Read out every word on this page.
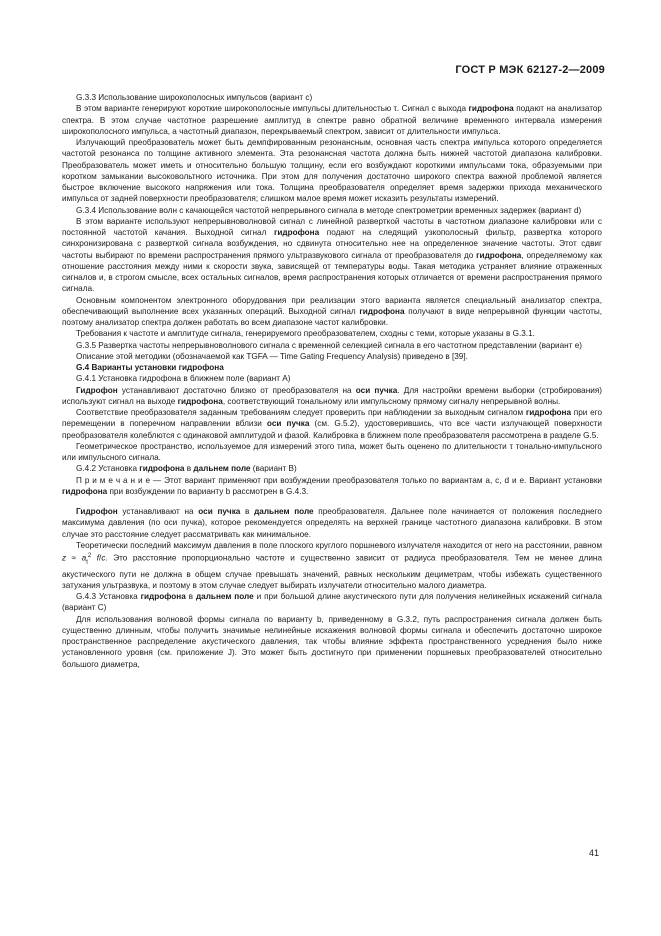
ГОСТ Р МЭК 62127-2—2009

G.3.3 Использование широкополосных импульсов (вариант с)

В этом варианте генерируют короткие широкополосные импульсы длительностью τ. Сигнал с выхода гидрофона подают на анализатор спектра. В этом случае частотное разрешение амплитуд в спектре равно обратной величине временного интервала измерения широкополосного импульса, а частотный диапазон, перекрываемый спектром, зависит от длительности импульса.

Излучающий преобразователь может быть демпфированным резонансным, основная часть спектра импульса которого определяется частотой резонанса по толщине активного элемента. Эта резонансная частота должна быть нижней частотой диапазона калибровки. Преобразователь может иметь и относительно большую толщину, если его возбуждают короткими импульсами тока, образуемыми при коротком замыкании высоковольтного источника. При этом для получения достаточно широкого спектра важной проблемой является быстрое включение высокого напряжения или тока. Толщина преобразователя определяет время задержки прихода механического импульса от задней поверхности преобразователя; слишком малое время может исказить результаты измерений.

G.3.4 Использование волн с качающейся частотой непрерывного сигнала в методе спектрометрии временных задержек (вариант d)

В этом варианте используют непрерывноволновой сигнал с линейной разверткой частоты в частотном диапазоне калибровки или с постоянной частотой качания. Выходной сигнал гидрофона подают на следящий узкополосный фильтр, развертка которого синхронизирована с разверткой сигнала возбуждения, но сдвинута относительно нее на определенное значение частоты. Этот сдвиг частоты выбирают по времени распространения прямого ультразвукового сигнала от преобразователя до гидрофона, определяемому как отношение расстояния между ними к скорости звука, зависящей от температуры воды. Такая методика устраняет влияние отраженных сигналов и, в строгом смысле, всех остальных сигналов, время распространения которых отличается от времени распространения прямого сигнала.

Основным компонентом электронного оборудования при реализации этого варианта является специальный анализатор спектра, обеспечивающий выполнение всех указанных операций. Выходной сигнал гидрофона получают в виде непрерывной функции частоты, поэтому анализатор спектра должен работать во всем диапазоне частот калибровки.

Требования к частоте и амплитуде сигнала, генерируемого преобразователем, сходны с теми, которые указаны в G.3.1.

G.3.5 Развертка частоты непрерывноволнового сигнала с временной селекцией сигнала в его частотном представлении (вариант е)

Описание этой методики (обозначаемой как TGFA — Time Gating Frequency Analysis) приведено в [39].

G.4 Варианты установки гидрофона

G.4.1 Установка гидрофона в ближнем поле (вариант А)

Гидрофон устанавливают достаточно близко от преобразователя на оси пучка. Для настройки времени выборки (стробирования) используют сигнал на выходе гидрофона, соответствующий тональному или импульсному прямому сигналу непрерывной волны.

Соответствие преобразователя заданным требованиям следует проверить при наблюдении за выходным сигналом гидрофона при его перемещении в поперечном направлении вблизи оси пучка (см. G.5.2), удостоверившись, что все части излучающей поверхности преобразователя колеблются с одинаковой амплитудой и фазой. Калибровка в ближнем поле преобразователя рассмотрена в разделе G.5.

Геометрическое пространство, используемое для измерений этого типа, может быть оценено по длительности τ тонально-импульсного или импульсного сигнала.

G.4.2 Установка гидрофона в дальнем поле (вариант В)

П р и м е ч а н и е — Этот вариант применяют при возбуждении преобразователя только по вариантам а, с, d и е. Вариант установки гидрофона при возбуждении по варианту b рассмотрен в G.4.3.

Гидрофон устанавливают на оси пучка в дальнем поле преобразователя. Дальнее поле начинается от положения последнего максимума давления (по оси пучка), которое рекомендуется определять на верхней границе частотного диапазона калибровки. В этом случае это расстояние следует рассматривать как минимальное.

Теоретически последний максимум давления в поле плоского круглого поршневого излучателя находится от него на расстоянии, равном $z \approx a_t^2$ f/c. Это расстояние пропорционально частоте и существенно зависит от радиуса преобразователя. Тем не менее длина акустического пути не должна в общем случае превышать значений, равных нескольким дециметрам, чтобы избежать существенного затухания ультразвука, и поэтому в этом случае следует выбирать излучатели относительно малого диаметра.

G.4.3 Установка гидрофона в дальнем поле и при большой длине акустического пути для получения нелинейных искажений сигнала (вариант С)

Для использования волновой формы сигнала по варианту b, приведенному в G.3.2, путь распространения сигнала должен быть существенно длинным, чтобы получить значимые нелинейные искажения волновой формы сигнала и обеспечить достаточно широкое пространственное распределение акустического давления, так чтобы влияние эффекта пространственного усреднения было ниже установленного уровня (см. приложение J). Это может быть достигнуто при применении поршневых преобразователей относительно большого диаметра,

41
